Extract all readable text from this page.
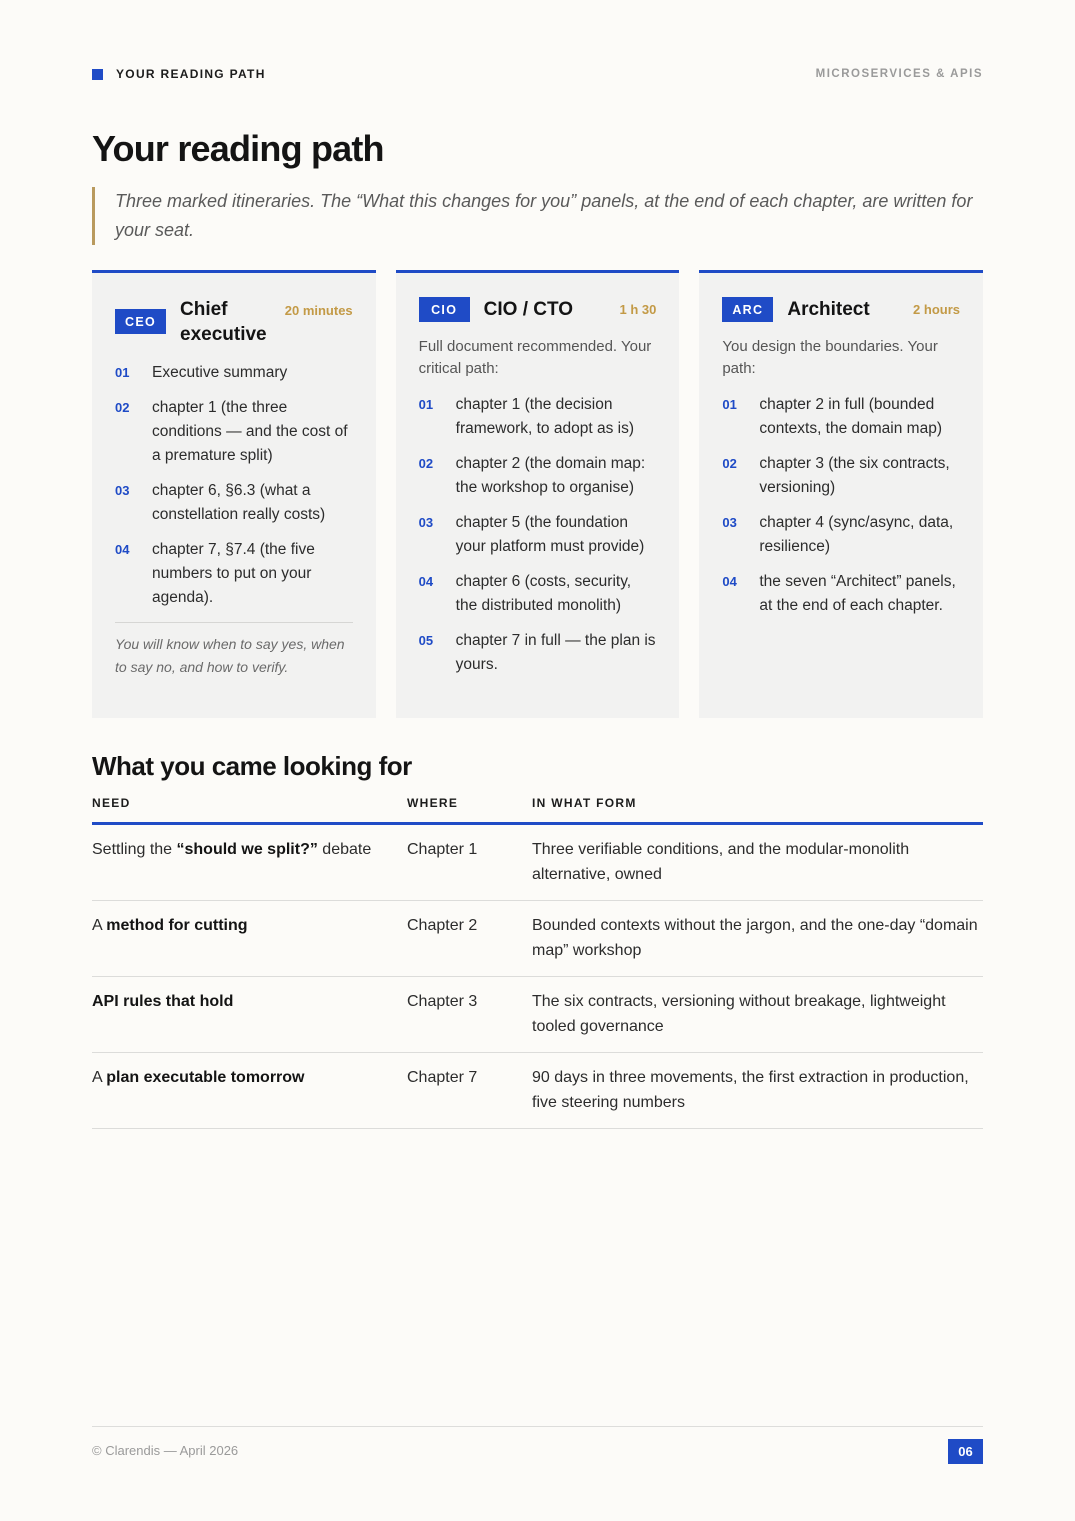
YOUR READING PATH	MICROSERVICES & APIS
Your reading path
Three marked itineraries. The “What this changes for you” panels, at the end of each chapter, are written for your seat.
CEO
Chief executive
20 minutes
01	Executive summary
02	chapter 1 (the three conditions — and the cost of a premature split)
03	chapter 6, §6.3 (what a constellation really costs)
04	chapter 7, §7.4 (the five numbers to put on your agenda).
You will know when to say yes, when to say no, and how to verify.
CIO	CIO / CTO	1 h 30

Full document recommended. Your critical path:

01	chapter 1 (the decision framework, to adopt as is)
02	chapter 2 (the domain map: the workshop to organise)
03	chapter 5 (the foundation your platform must provide)
04	chapter 6 (costs, security, the distributed monolith)
05	chapter 7 in full — the plan is yours.
ARC	Architect	2 hours

You design the boundaries. Your path:

01	chapter 2 in full (bounded contexts, the domain map)
02	chapter 3 (the six contracts, versioning)
03	chapter 4 (sync/async, data, resilience)
04	the seven “Architect” panels, at the end of each chapter.
What you came looking for
NEED	WHERE	IN WHAT FORM
Settling the “should we split?” debate	Chapter 1	Three verifiable conditions, and the modular-monolith alternative, owned
A method for cutting	Chapter 2	Bounded contexts without the jargon, and the one-day “domain map” workshop
API rules that hold	Chapter 3	The six contracts, versioning without breakage, lightweight tooled governance
A plan executable tomorrow	Chapter 7	90 days in three movements, the first extraction in production, five steering numbers
© Clarendis — April 2026	06
